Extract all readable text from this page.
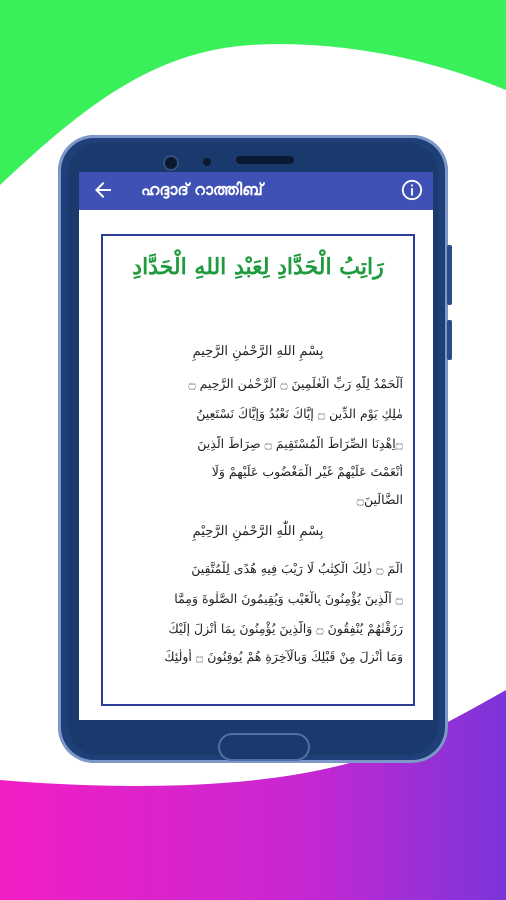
ഹദ്ദാദ് റാത്തിബ്
رَاتِبُ الْحَدَّادِ لِعَبْدِ اللهِ الْحَدَّادِ
بِسْمِ اللهِ الرَّحْمٰنِ الرَّحِيمِ
اَلْحَمْدُ لِلّٰهِ رَبِّ الْعٰلَمِينَ ۝ اَلرَّحْمٰنِ الرَّحِيمِ ۝
مٰلِكِ يَوْمِ الدِّينِ ۝ إِيَّاكَ نَعْبُدُ وَإِيَّاكَ نَسْتَعِينُ
۝اِهْدِنَا الصِّرَاطَ الْمُسْتَقِيمَ ۝ صِرَاطَ الَّذِينَ
أَنْعَمْتَ عَلَيْهِمْ غَيْرِ الْمَغْضُوبِ عَلَيْهِمْ وَلَا
الضَّالِّينَ۝
بِسْمِ اللّٰهِ الرَّحْمٰنِ الرَّحِيْمِ
الٓمٓ ۝ ذٰلِكَ الْكِتٰبُ لَا رَيْبَ فِيهِ هُدًى لِلْمُتَّقِينَ
۝ اَلَّذِينَ يُؤْمِنُونَ بِالْغَيْبِ وَيُقِيمُونَ الصَّلٰوةَ وَمِمَّا
رَزَقْنٰهُمْ يُنْفِقُونَ ۝ وَالَّذِينَ يُؤْمِنُونَ بِمَا أُنْزِلَ إِلَيْكَ
وَمَا أُنْزِلَ مِنْ قَبْلِكَ وَبِالْآخِرَةِ هُمْ يُوقِنُونَ ۝ أُولٰئِكَ
